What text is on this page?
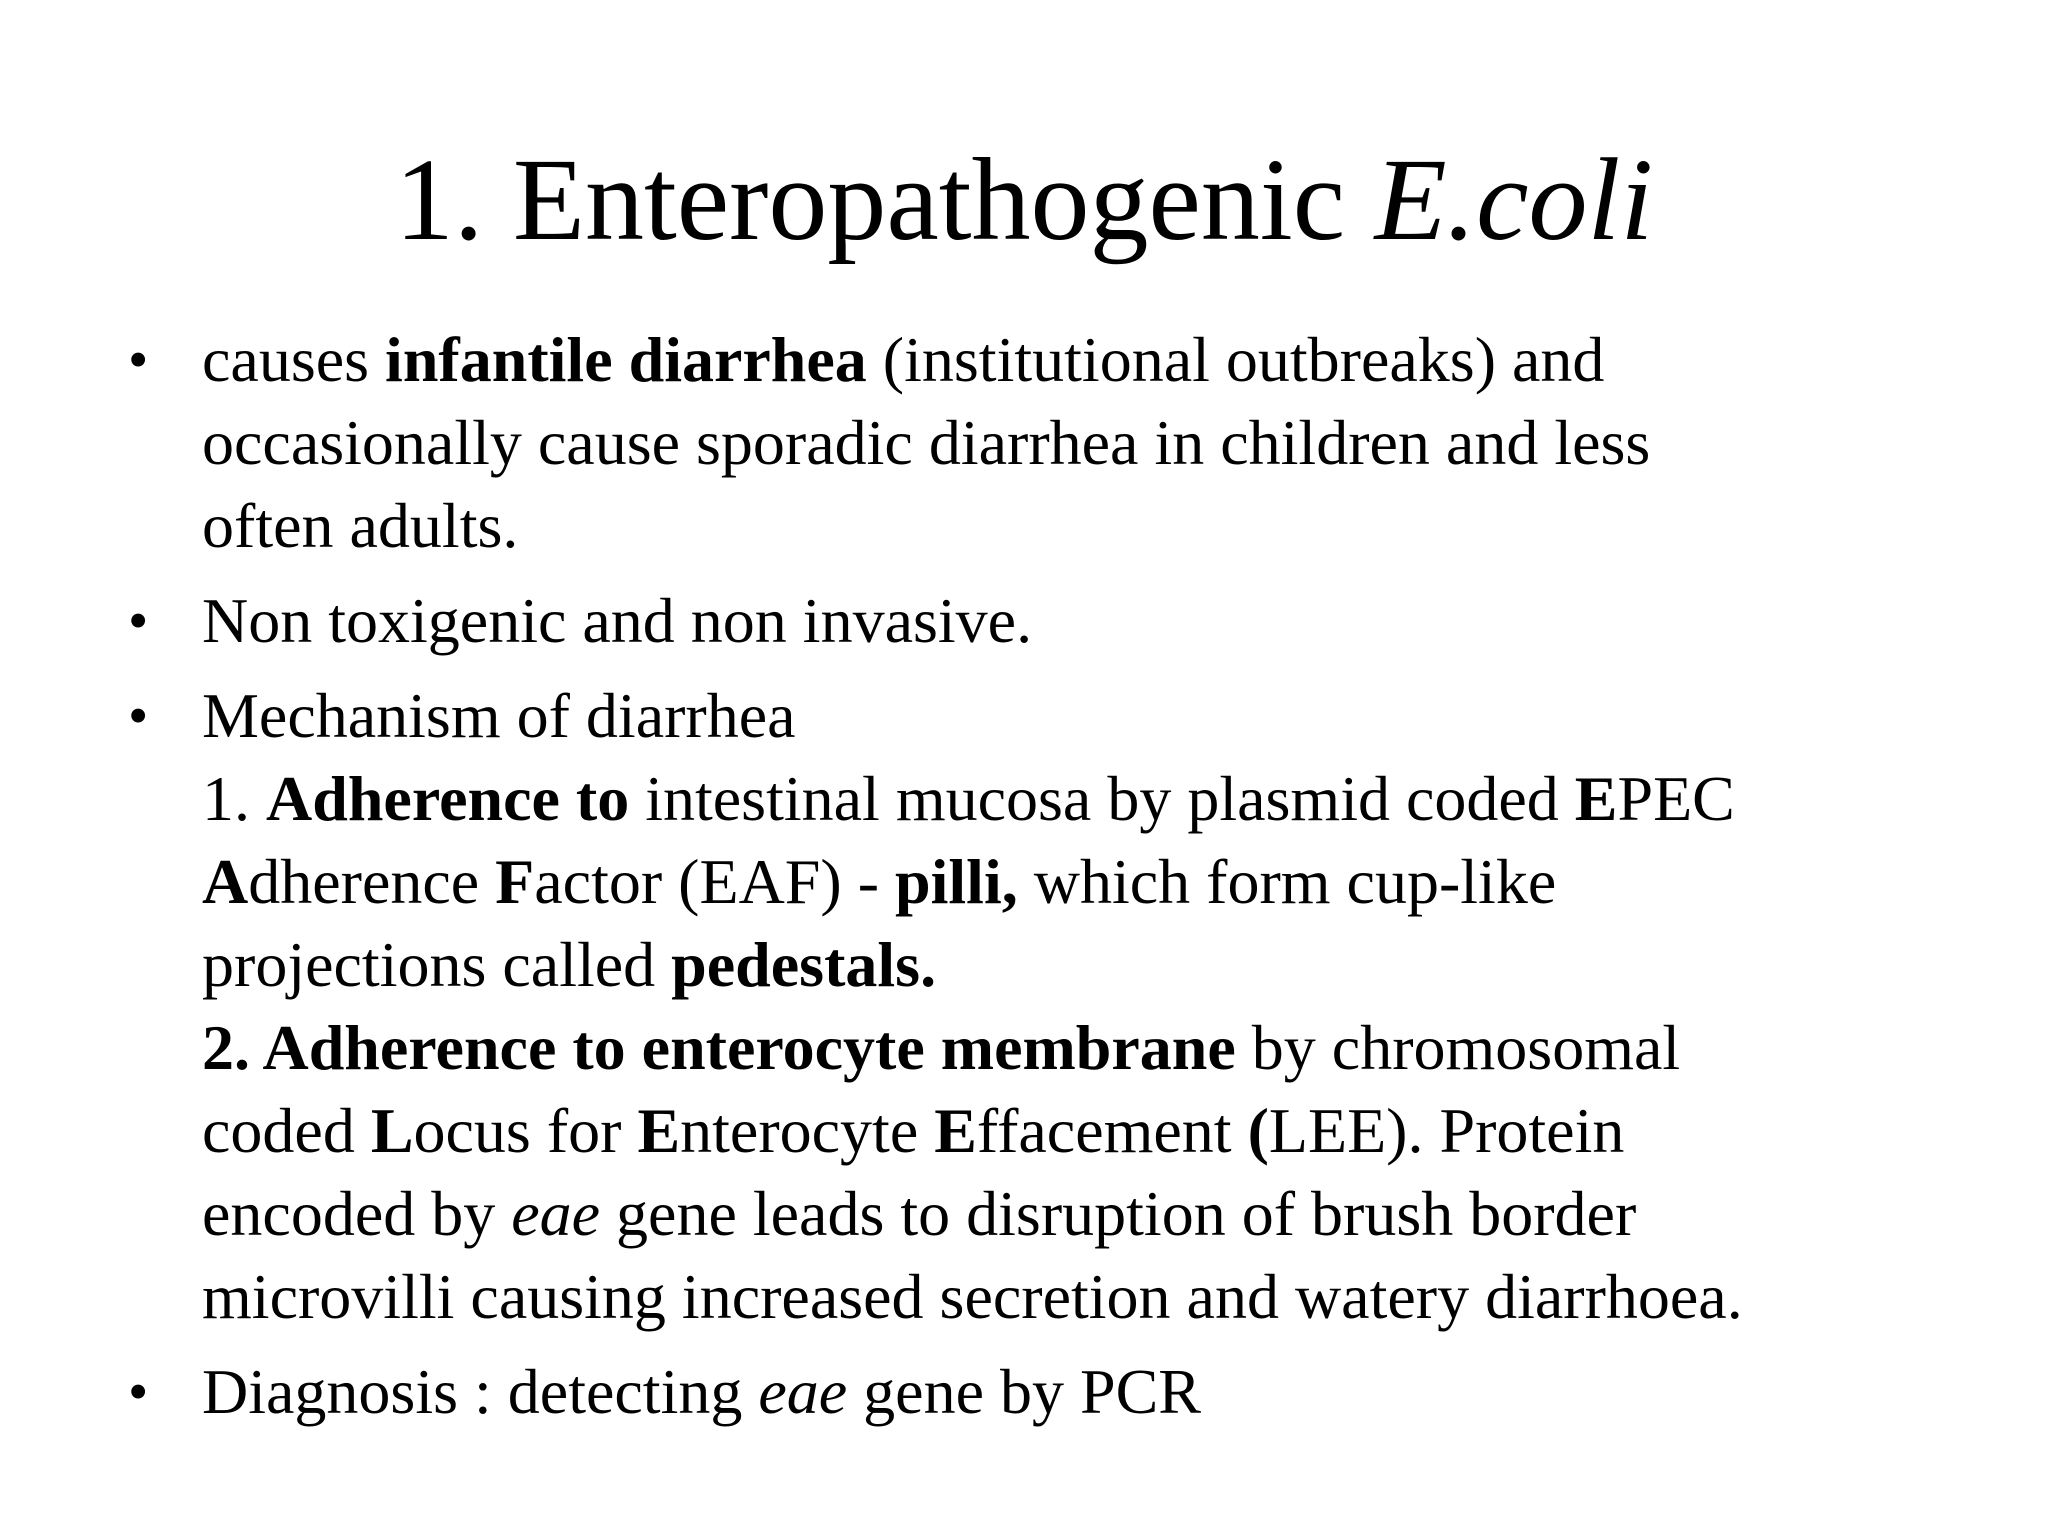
1. Enteropathogenic E.coli
• causes infantile diarrhea (institutional outbreaks) and
occasionally cause sporadic diarrhea in children and less
often adults.
• Non toxigenic and non invasive.
• Mechanism of diarrhea
1. Adherence to intestinal mucosa by plasmid coded EPEC
Adherence Factor (EAF) - pilli, which form cup-like
projections called pedestals.
2. Adherence to enterocyte membrane by chromosomal
coded Locus for Enterocyte Effacement (LEE). Protein
encoded by eae gene leads to disruption of brush border
microvilli causing increased secretion and watery diarrhoea.
• Diagnosis : detecting eae gene by PCR
